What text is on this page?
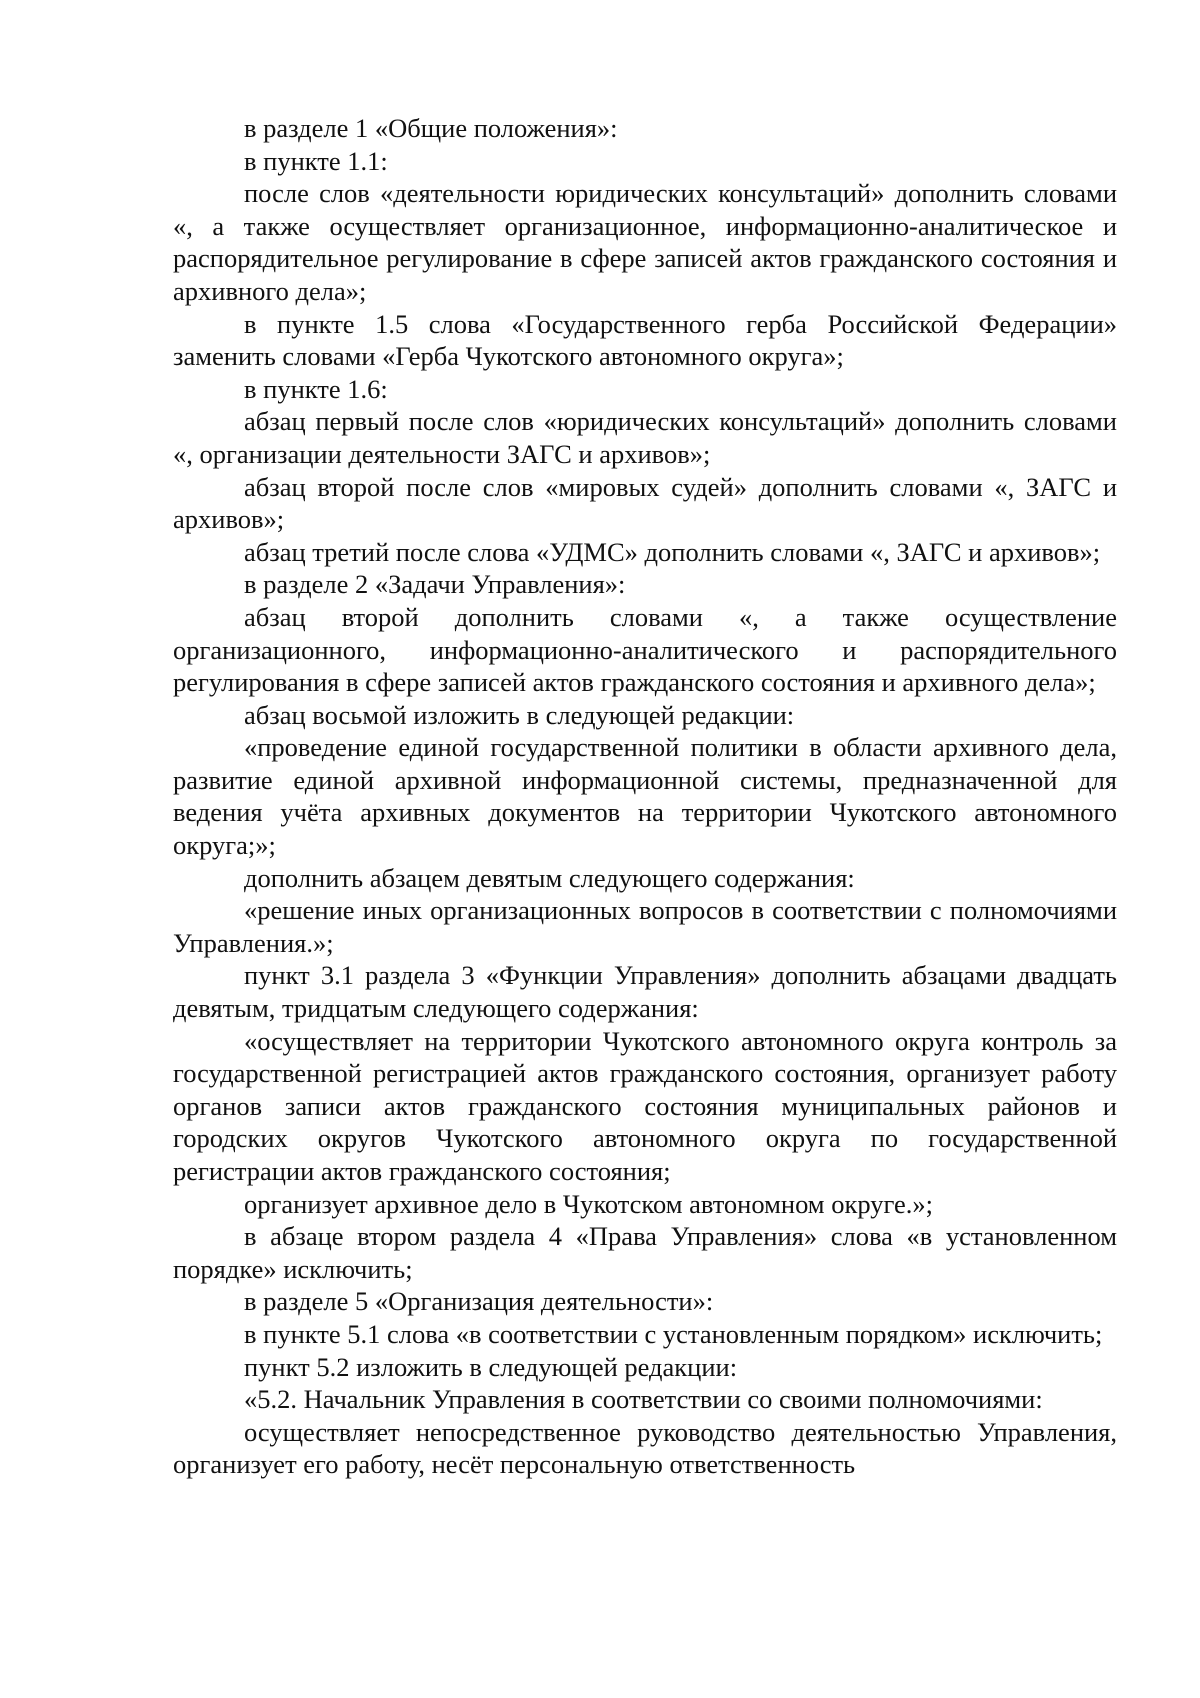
в разделе 1 «Общие положения»:

в пункте 1.1:

после слов «деятельности юридических консультаций» дополнить словами «, а также осуществляет организационное, информационно-аналитическое и распорядительное регулирование в сфере записей актов гражданского состояния и архивного дела»;

в пункте 1.5 слова «Государственного герба Российской Федерации» заменить словами «Герба Чукотского автономного округа»;

в пункте 1.6:

абзац первый после слов «юридических консультаций» дополнить словами «, организации деятельности ЗАГС и архивов»;

абзац второй после слов «мировых судей» дополнить словами «, ЗАГС и архивов»;

абзац третий после слова «УДМС» дополнить словами «, ЗАГС и архивов»;

в разделе 2 «Задачи Управления»:

абзац второй дополнить словами «, а также осуществление организационного, информационно-аналитического и распорядительного регулирования в сфере записей актов гражданского состояния и архивного дела»;

абзац восьмой изложить в следующей редакции:

«проведение единой государственной политики в области архивного дела, развитие единой архивной информационной системы, предназначенной для ведения учёта архивных документов на территории Чукотского автономного округа;»;

дополнить абзацем девятым следующего содержания:

«решение иных организационных вопросов в соответствии с полномочиями Управления.»;

пункт 3.1 раздела 3 «Функции Управления» дополнить абзацами двадцать девятым, тридцатым следующего содержания:

«осуществляет на территории Чукотского автономного округа контроль за государственной регистрацией актов гражданского состояния, организует работу органов записи актов гражданского состояния муниципальных районов и городских округов Чукотского автономного округа по государственной регистрации актов гражданского состояния;

организует архивное дело в Чукотском автономном округе.»;

в абзаце втором раздела 4 «Права Управления» слова «в установленном порядке» исключить;

в разделе 5 «Организация деятельности»:

в пункте 5.1 слова «в соответствии с установленным порядком» исключить;

пункт 5.2 изложить в следующей редакции:

«5.2. Начальник Управления в соответствии со своими полномочиями:

осуществляет непосредственное руководство деятельностью Управления, организует его работу, несёт персональную ответственность
